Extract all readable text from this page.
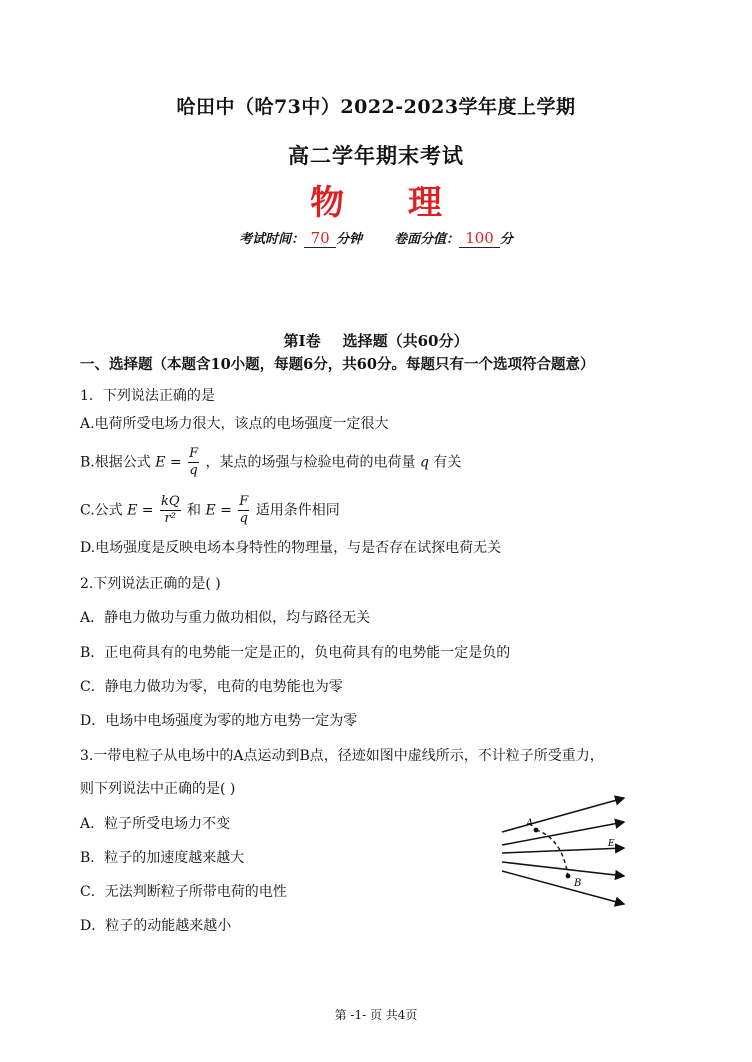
哈田中（哈73中）2022-2023学年度上学期
高二学年期末考试
物 理
考试时间： 70 分钟 卷面分值： 100 分
第Ⅰ卷 选择题（共60分）
一、选择题（本题含10小题，每题6分，共60分。每题只有一个选项符合题意）
1．下列说法正确的是
A.电荷所受电场力很大，该点的电场强度一定很大
B.根据公式 $E = \frac{F}{q}$ ，某点的场强与检验电荷的电荷量 q 有关
C.公式 $E = \frac{kQ}{\text{r²}}$ 和 $E = \frac{F}{q}$ 适用条件相同
D.电场强度是反映电场本身特性的物理量，与是否存在试探电荷无关
2.下列说法正确的是( )
A．静电力做功与重力做功相似，均与路径无关
B．正电荷具有的电势能一定是正的，负电荷具有的电势能一定是负的
C．静电力做功为零，电荷的电势能也为零
D．电场中电场强度为零的地方电势一定为零
3.一带电粒子从电场中的A点运动到B点，径迹如图中虚线所示，不计粒子所受重力，
则下列说法中正确的是( )
A．粒子所受电场力不变
B．粒子的加速度越来越大
C．无法判断粒子所带电荷的电性
D．粒子的动能越来越小
A
B
E
第 -1- 页 共4页
